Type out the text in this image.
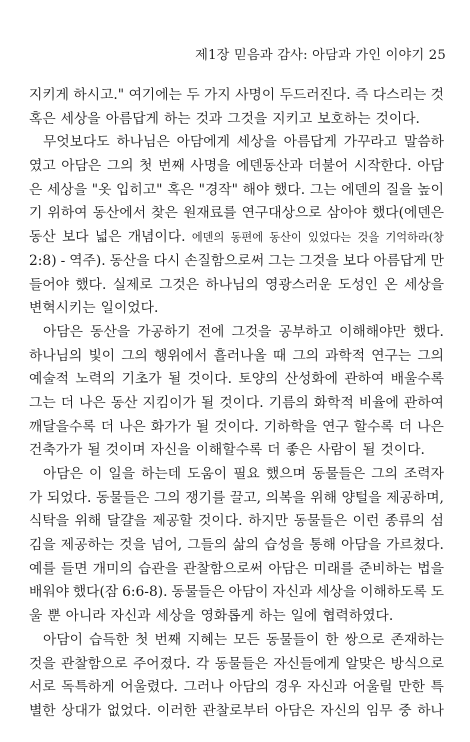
제1장 믿음과 감사: 아담과 가인 이야기 25
지키게 하시고." 여기에는 두 가지 사명이 두드러진다. 즉 다스리는 것
혹은 세상을 아름답게 하는 것과 그것을 지키고 보호하는 것이다.
무엇보다도 하나님은 아담에게 세상을 아름답게 가꾸라고 말씀하
였고 아담은 그의 첫 번째 사명을 에덴동산과 더불어 시작한다. 아담
은 세상을 "옷 입히고" 혹은 "경작" 해야 했다. 그는 에덴의 질을 높이
기 위하여 동산에서 찾은 원재료를 연구대상으로 삼아야 했다(에덴은
동산 보다 넓은 개념이다. 에덴의 동편에 동산이 있었다는 것을 기억하라(창
2:8) - 역주). 동산을 다시 손질함으로써 그는 그것을 보다 아름답게 만
들어야 했다. 실제로 그것은 하나님의 영광스러운 도성인 온 세상을
변혁시키는 일이었다.
아담은 동산을 가공하기 전에 그것을 공부하고 이해해야만 했다.
하나님의 빛이 그의 행위에서 흘러나올 때 그의 과학적 연구는 그의
예술적 노력의 기초가 될 것이다. 토양의 산성화에 관하여 배울수록
그는 더 나은 동산 지킴이가 될 것이다. 기름의 화학적 비율에 관하여
깨달을수록 더 나은 화가가 될 것이다. 기하학을 연구 할수록 더 나은
건축가가 될 것이며 자신을 이해할수록 더 좋은 사람이 될 것이다.
아담은 이 일을 하는데 도움이 필요 했으며 동물들은 그의 조력자
가 되었다. 동물들은 그의 쟁기를 끌고, 의복을 위해 양털을 제공하며,
식탁을 위해 달걀을 제공할 것이다. 하지만 동물들은 이런 종류의 섬
김을 제공하는 것을 넘어, 그들의 삶의 습성을 통해 아담을 가르쳤다.
예를 들면 개미의 습관을 관찰함으로써 아담은 미래를 준비하는 법을
배워야 했다(잠 6:6-8). 동물들은 아담이 자신과 세상을 이해하도록 도
울 뿐 아니라 자신과 세상을 영화롭게 하는 일에 협력하였다.
아담이 습득한 첫 번째 지혜는 모든 동물들이 한 쌍으로 존재하는
것을 관찰함으로 주어졌다. 각 동물들은 자신들에게 알맞은 방식으로
서로 독특하게 어울렸다. 그러나 아담의 경우 자신과 어울릴 만한 특
별한 상대가 없었다. 이러한 관찰로부터 아담은 자신의 임무 중 하나
